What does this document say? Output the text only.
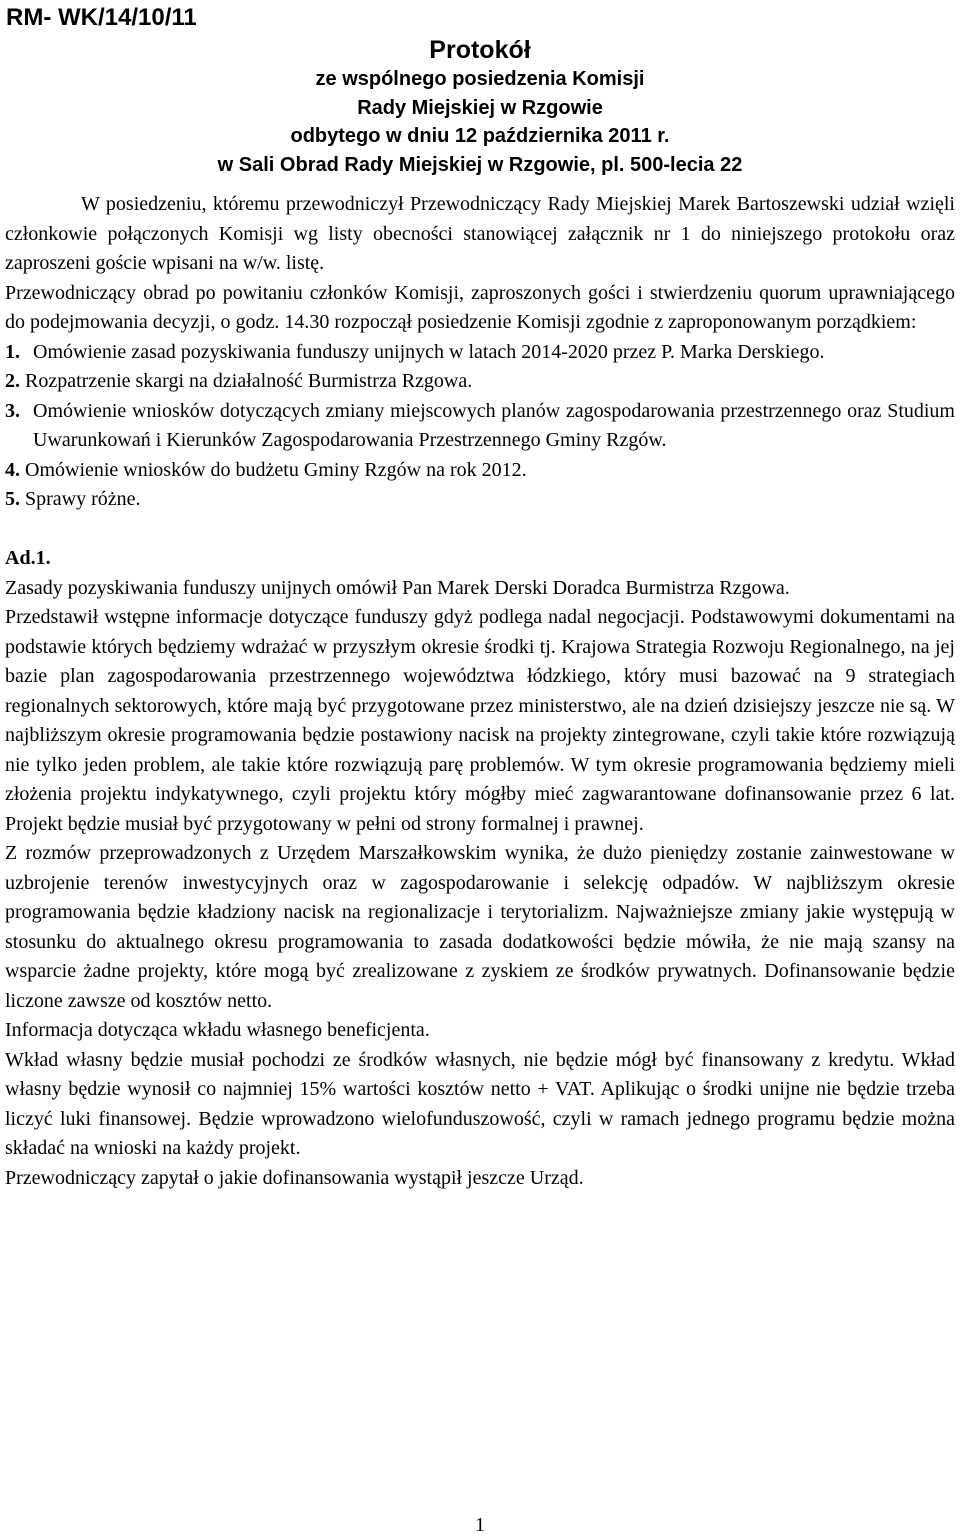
RM- WK/14/10/11
Protokół
ze wspólnego posiedzenia Komisji
Rady Miejskiej w Rzgowie
odbytego w dniu 12 października 2011 r.
w Sali Obrad Rady Miejskiej w Rzgowie, pl. 500-lecia 22

W posiedzeniu, któremu przewodniczył Przewodniczący Rady Miejskiej Marek Bartoszewski udział wzięli członkowie połączonych Komisji wg listy obecności stanowiącej załącznik nr 1 do niniejszego protokołu oraz zaproszeni goście wpisani na w/w. listę.

Przewodniczący obrad po powitaniu członków Komisji, zaproszonych gości i stwierdzeniu quorum uprawniającego do podejmowania decyzji, o godz. 14.30 rozpoczął posiedzenie Komisji zgodnie z zaproponowanym porządkiem:

1. Omówienie zasad pozyskiwania funduszy unijnych w latach 2014-2020 przez P. Marka Derskiego.
2. Rozpatrzenie skargi na działalność Burmistrza Rzgowa.
3. Omówienie wniosków dotyczących zmiany miejscowych planów zagospodarowania przestrzennego oraz Studium Uwarunkowań i Kierunków Zagospodarowania Przestrzennego Gminy Rzgów.
4. Omówienie wniosków do budżetu Gminy Rzgów na rok 2012.
5. Sprawy różne.

Ad.1.

Zasady pozyskiwania funduszy unijnych omówił Pan Marek Derski Doradca Burmistrza Rzgowa.

Przedstawił wstępne informacje dotyczące funduszy gdyż podlega nadal negocjacji. Podstawowymi dokumentami na podstawie których będziemy wdrażać w przyszłym okresie środki tj. Krajowa Strategia Rozwoju Regionalnego, na jej bazie plan zagospodarowania przestrzennego województwa łódzkiego, który musi bazować na 9 strategiach regionalnych sektorowych, które mają być przygotowane przez ministerstwo, ale na dzień dzisiejszy jeszcze nie są. W najbliższym okresie programowania będzie postawiony nacisk na projekty zintegrowane, czyli takie które rozwiązują nie tylko jeden problem, ale takie które rozwiązują parę problemów. W tym okresie programowania będziemy mieli złożenia projektu indykatywnego, czyli projektu który mógłby mieć zagwarantowane dofinansowanie przez 6 lat. Projekt będzie musiał być przygotowany w pełni od strony formalnej i prawnej.

Z rozmów przeprowadzonych z Urzędem Marszałkowskim wynika, że dużo pieniędzy zostanie zainwestowane w uzbrojenie terenów inwestycyjnych oraz w zagospodarowanie i selekcję odpadów. W najbliższym okresie programowania będzie kładziony nacisk na regionalizacje i terytorializm. Najważniejsze zmiany jakie występują w stosunku do aktualnego okresu programowania to zasada dodatkowości będzie mówiła, że nie mają szansy na wsparcie żadne projekty, które mogą być zrealizowane z zyskiem ze środków prywatnych. Dofinansowanie będzie liczone zawsze od kosztów netto.

Informacja dotycząca wkładu własnego beneficjenta.

Wkład własny będzie musiał pochodzi ze środków własnych, nie będzie mógł być finansowany z kredytu. Wkład własny będzie wynosił co najmniej 15% wartości kosztów netto + VAT. Aplikując o środki unijne nie będzie trzeba liczyć luki finansowej. Będzie wprowadzono wielofunduszowość, czyli w ramach jednego programu będzie można składać na wnioski na każdy projekt.

Przewodniczący zapytał o jakie dofinansowania wystąpił jeszcze Urząd.

1
